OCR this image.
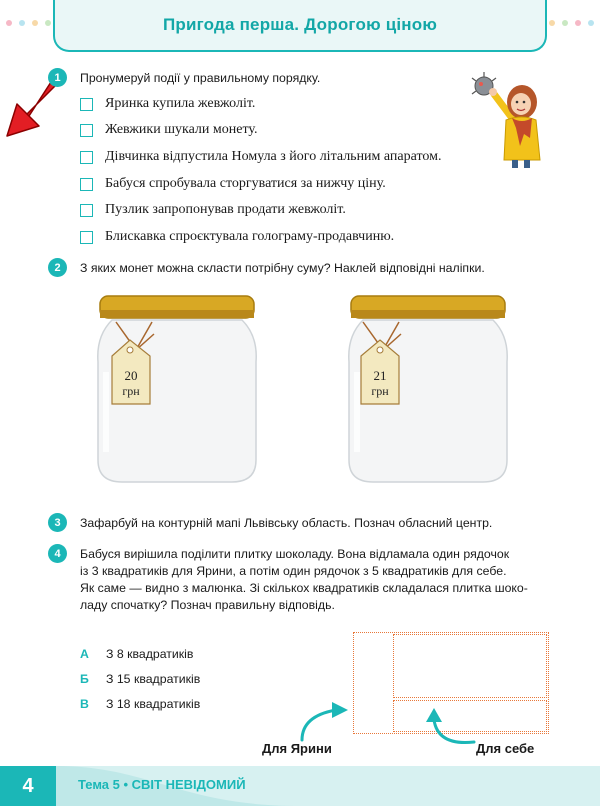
Пригода перша. Дорогою ціною
1	Пронумеруй події у правильному порядку.
Яринка купила жевжоліт.
Жевжики шукали монету.
Дівчинка відпустила Номула з його літальним апаратом.
Бабуся спробувала сторгуватися за нижчу ціну.
Пузлик запропонував продати жевжоліт.
Блискавка спроєктувала голограму-продавчиню.
2	З яких монет можна скласти потрібну суму? Наклей відповідні наліпки.
20
грн
21
грн
3	Зафарбуй на контурній мапі Львівську область. Познач обласний центр.
4	Бабуся вирішила поділити плитку шоколаду. Вона відламала один рядочок
із 3 квадратиків для Ярини, а потім один рядочок з 5 квадратиків для себе.
Як саме — видно з малюнка. Зі скількох квадратиків складалася плитка шоко-
ладу спочатку? Познач правильну відповідь.
А	З 8 квадратиків
Б	З 15 квадратиків
В	З 18 квадратиків
Для Ярини	Для себе
4	Тема 5 • СВІТ НЕВІДОМИЙ
